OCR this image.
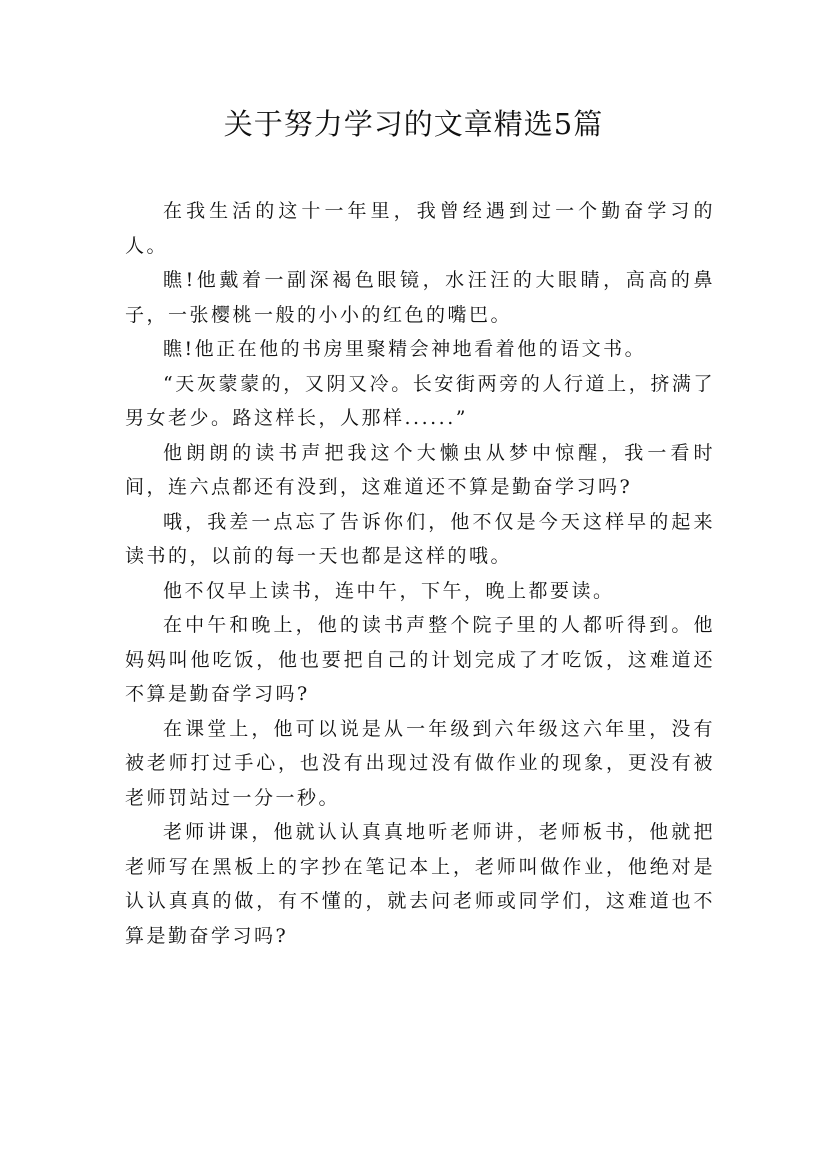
关于努力学习的文章精选5篇

在我生活的这十一年里，我曾经遇到过一个勤奋学习的人。

瞧!他戴着一副深褐色眼镜，水汪汪的大眼睛，高高的鼻子，一张樱桃一般的小小的红色的嘴巴。

瞧!他正在他的书房里聚精会神地看着他的语文书。

“天灰蒙蒙的，又阴又冷。长安街两旁的人行道上，挤满了男女老少。路这样长，人那样......”

他朗朗的读书声把我这个大懒虫从梦中惊醒，我一看时间，连六点都还有没到，这难道还不算是勤奋学习吗?

哦，我差一点忘了告诉你们，他不仅是今天这样早的起来读书的，以前的每一天也都是这样的哦。

他不仅早上读书，连中午，下午，晚上都要读。

在中午和晚上，他的读书声整个院子里的人都听得到。他妈妈叫他吃饭，他也要把自己的计划完成了才吃饭，这难道还不算是勤奋学习吗?

在课堂上，他可以说是从一年级到六年级这六年里，没有被老师打过手心，也没有出现过没有做作业的现象，更没有被老师罚站过一分一秒。

老师讲课，他就认认真真地听老师讲，老师板书，他就把老师写在黑板上的字抄在笔记本上，老师叫做作业，他绝对是认认真真的做，有不懂的，就去问老师或同学们，这难道也不算是勤奋学习吗?
